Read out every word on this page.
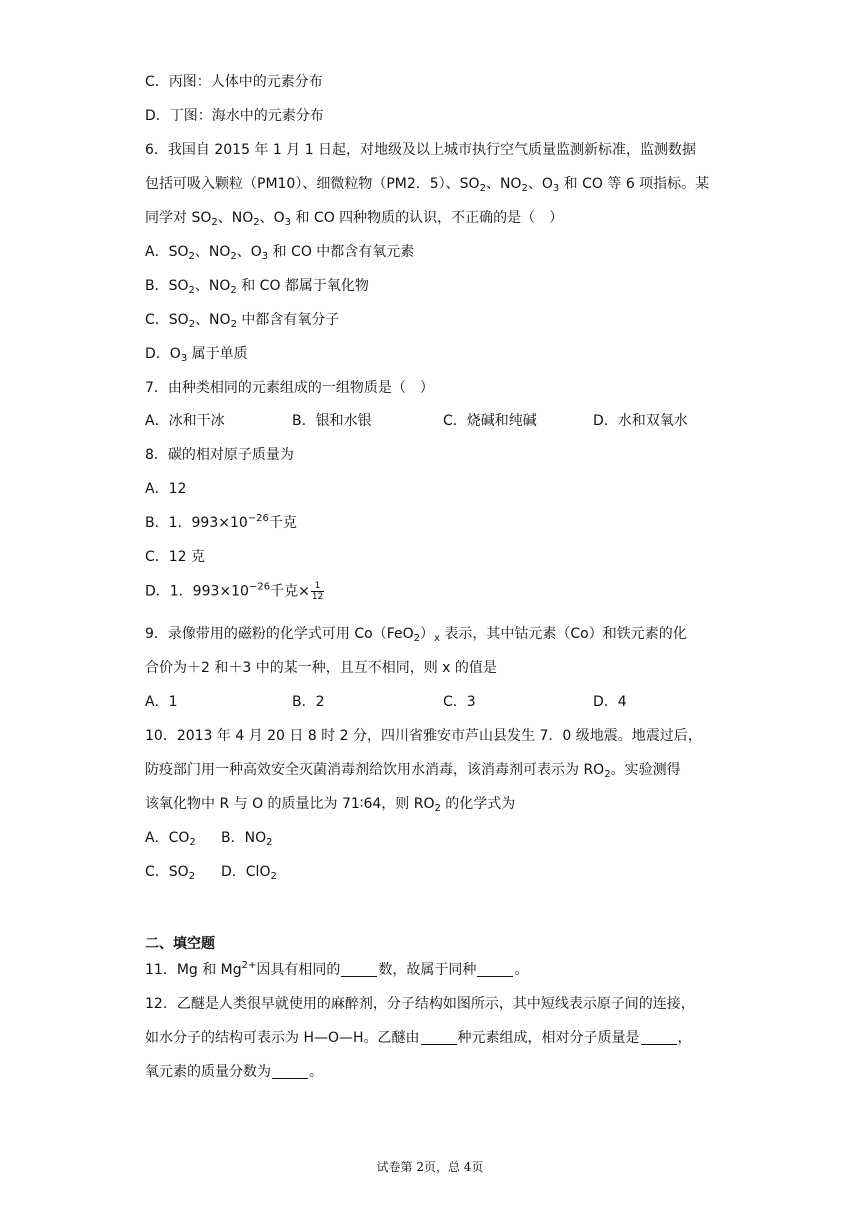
C．丙图：人体中的元素分布
D．丁图：海水中的元素分布
6．我国自 2015 年 1 月 1 日起，对地级及以上城市执行空气质量监测新标准，监测数据
包括可吸入颗粒（PM10）、细微粒物（PM2．5）、$SO_2$、$NO_2$、$O_3$ 和 CO 等 6 项指标。某
同学对 $SO_2$、$NO_2$、$O_3$ 和 CO 四种物质的认识，不正确的是（　）
A．$SO_2$、$NO_2$、$O_3$ 和 CO 中都含有氧元素
B．$SO_2$、$NO_2$ 和 CO 都属于氧化物
C．$SO_2$、$NO_2$ 中都含有氧分子
D．$O_3$ 属于单质
7．由种类相同的元素组成的一组物质是（　）
A．冰和干冰	B．银和水银	C．烧碱和纯碱	D．水和双氧水
8．碳的相对原子质量为
A．12
B．1．$993\times 10^{-26}$千克
C．12 克
D．1．$993\times 10^{-26}$千克× $\frac{1}{12}$
9．录像带用的磁粉的化学式可用 $Co(FeO_2)_x$ 表示，其中钴元素（Co）和铁元素的化
合价为＋2 和＋3 中的某一种，且互不相同，则 x 的值是
A．1	B．2	C．3	D．4
10．2013 年 4 月 20 日 8 时 2 分，四川省雅安市芦山县发生 7．0 级地震。地震过后，
防疫部门用一种高效安全灭菌消毒剂给饮用水消毒，该消毒剂可表示为 $RO_2$。实验测得
该氧化物中 R 与 O 的质量比为 71∶64，则 $RO_2$ 的化学式为
A．$CO_2$ B．$NO_2$
C．$SO_2$ D．ClO$_2$
二、填空题
11．Mg 和 $Mg^{2+}$因具有相同的	数，故属于同种	。
12．乙醚是人类很早就使用的麻醉剂，分子结构如图所示，其中短线表示原子间的连接，
如水分子的结构可表示为 H—O—H。乙醚由	种元素组成，相对分子质量是	，
氧元素的质量分数为	。
试卷第 2页，总 4页
